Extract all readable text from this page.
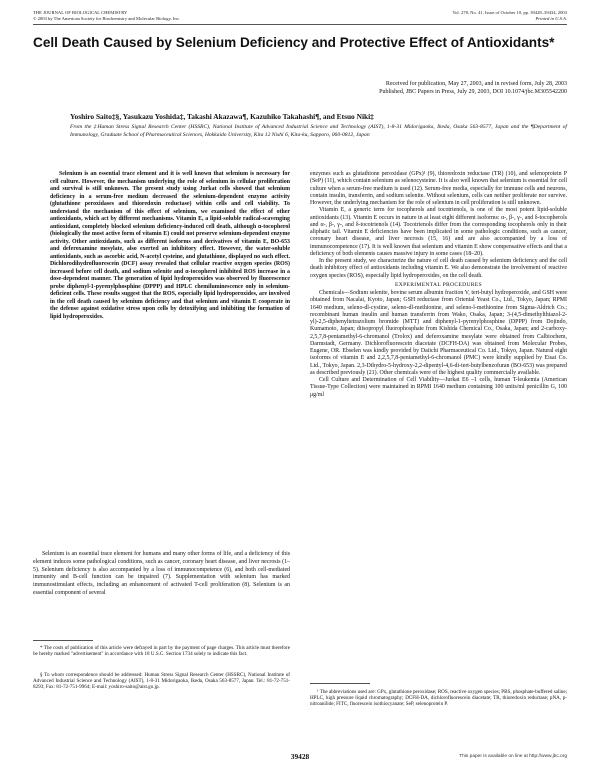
THE JOURNAL OF BIOLOGICAL CHEMISTRY
© 2003 by The American Society for Biochemistry and Molecular Biology, Inc.
Vol. 278, No. 41, Issue of October 10, pp. 39428–39434, 2003
Printed in U.S.A.
Cell Death Caused by Selenium Deficiency and Protective Effect of Antioxidants*
Received for publication, May 27, 2003, and in revised form, July 28, 2003
Published, JBC Papers in Press, July 29, 2003, DOI 10.1074/jbc.M305542200
Yoshiro Saito‡§, Yasukazu Yoshida‡, Takashi Akazawa¶, Kazuhiko Takahashi¶, and Etsuo Niki‡
From the ‡Human Stress Signal Research Center (HSSRC), National Institute of Advanced Industrial Science and Technology (AIST), 1-8-31 Midorigaoka, Ikeda, Osaka 563-8577, Japan and the ¶Department of Immunology, Graduate School of Pharmaceutical Sciences, Hokkaido University, Kita 12 Nishi 6, Kita-ku, Sapporo, 060-0812, Japan

Selenium is an essential trace element and it is well known that selenium is necessary for cell culture. However, the mechanism underlying the role of selenium in cellular proliferation and survival is still unknown. The present study using Jurkat cells showed that selenium deficiency in a serum-free medium decreased the selenium-dependent enzyme activity (glutathione peroxidases and thioredoxin reductase) within cells and cell viability. To understand the mechanism of this effect of selenium, we examined the effect of other antioxidants, which act by different mechanisms. Vitamin E, a lipid-soluble radical-scavenging antioxidant, completely blocked selenium deficiency-induced cell death, although α-tocopherol (biologically the most active form of vitamin E) could not preserve selenium-dependent enzyme activity. Other antioxidants, such as different isoforms and derivatives of vitamin E, BO-653 and deferoxamine mesylate, also exerted an inhibitory effect. However, the water-soluble antioxidants, such as ascorbic acid, N-acetyl cysteine, and glutathione, displayed no such effect. Dichlorodihydrofluorescein (DCF) assay revealed that cellular reactive oxygen species (ROS) increased before cell death, and sodium selenite and α-tocopherol inhibited ROS increase in a dose-dependent manner. The generation of lipid hydroperoxides was observed by fluorescence probe diphenyl-1-pyrenylphosphine (DPPP) and HPLC chemiluminescence only in selenium-deficient cells. These results suggest that the ROS, especially lipid hydroperoxides, are involved in the cell death caused by selenium deficiency and that selenium and vitamin E cooperate in the defense against oxidative stress upon cells by detoxifying and inhibiting the formation of lipid hydroperoxides.

Selenium is an essential trace element for humans and many other forms of life, and a deficiency of this element induces some pathological conditions, such as cancer, coronary heart disease, and liver necrosis (1–5). Selenium deficiency is also accompanied by a loss of immunocompetence (6), and both cell-mediated immunity and B-cell function can be impaired (7). Supplementation with selenium has marked immunostimulant effects, including an enhancement of activated T-cell proliferation (8). Selenium is an essential component of several

* The costs of publication of this article were defrayed in part by the payment of page charges. This article must therefore be hereby marked "advertisement" in accordance with 18 U.S.C. Section 1734 solely to indicate this fact.

§ To whom correspondence should be addressed: Human Stress Signal Research Center (HSSRC), National Institute of Advanced Industrial Science and Technology (AIST), 1-8-31 Midorigaoka, Ikeda, Osaka 563-8577, Japan. Tel.: 81-72-751-8293; Fax: 81-72-751-9964; E-mail: yoshiro-saito@aist.go.jp.

enzymes such as glutathione peroxidase (GPx)¹ (9), thioredoxin reductase (TR) (10), and selenoprotein P (SeP) (11), which contain selenium as selenocysteine. It is also well known that selenium is essential for cell culture when a serum-free medium is used (12). Serum-free media, especially for immune cells and neurons, contain insulin, transferrin, and sodium selenite. Without selenium, cells can neither proliferate nor survive. However, the underlying mechanism for the role of selenium in cell proliferation is still unknown.

Vitamin E, a generic term for tocopherols and tocotrienols, is one of the most potent lipid-soluble antioxidants (13). Vitamin E occurs in nature in at least eight different isoforms: α-, β-, γ-, and δ-tocopherols and α-, β-, γ-, and δ-tocotrienols (14). Tocotrienols differ from the corresponding tocopherols only in their aliphatic tail. Vitamin E deficiencies have been implicated in some pathologic conditions, such as cancer, coronary heart disease, and liver necrosis (15, 16) and are also accompanied by a loss of immunocompetence (17). It is well known that selenium and vitamin E show compensative effects and that a deficiency of both elements causes massive injury in some cases (18–20).

In the present study, we characterize the nature of cell death caused by selenium deficiency and the cell death inhibitory effect of antioxidants including vitamin E. We also demonstrate the involvement of reactive oxygen species (ROS), especially lipid hydroperoxides, on the cell death.

EXPERIMENTAL PROCEDURES

Chemicals—Sodium selenite, bovine serum albumin fraction V, tert-butyl hydroperoxide, and GSH were obtained from Nacalai, Kyoto, Japan; GSH reductase from Oriental Yeast Co., Ltd., Tokyo, Japan; RPMI 1640 medium, seleno-dl-cystine, seleno-dl-methionine, and seleno-l-methionine from Sigma-Aldrich Co.; recombinant human insulin and human transferrin from Wako, Osaka, Japan; 3-(4,5-dimethylthiazol-2-yl)-2,5-diphenyltetrazolium bromide (MTT) and diphenyl-1-pyrenylphosphine (DPPP) from Dojindo, Kumamoto, Japan; diisopropyl fluorophosphate from Kishida Chemical Co., Osaka, Japan; and 2-carboxy-2,5,7,8-pentamethyl-6-chromanol (Trolox) and deferoxamine mesylate were obtained from Calbiochem, Darmstadt, Germany. Dichlorofluorescein diacetate (DCFH-DA) was obtained from Molecular Probes, Eugene, OR. Ebselen was kindly provided by Daiichi Pharmaceutical Co. Ltd., Tokyo, Japan. Natural eight isoforms of vitamin E and 2,2,5,7,8-pentamethyl-6-chromanol (PMC) were kindly supplied by Eisai Co. Ltd., Tokyo, Japan. 2,3-Dihydro-5-hydroxy-2,2-dipentyl-4,6-di-tert-butylbenzofuran (BO-653) was prepared as described previously (21). Other chemicals were of the highest quality commercially available.

Cell Culture and Determination of Cell Viability—Jurkat E6 –1 cells, human T-leukemia (American Tissue-Type Collection) were maintained in RPMI 1640 medium containing 100 units/ml penicillin G, 100 μg/ml

¹ The abbreviations used are: GPx, glutathione peroxidase; ROS, reactive oxygen species; PBS, phosphate-buffered saline; HPLC, high pressure liquid chromatography; DCFH-DA, dichlorofluorescein diacetate; TR, thioredoxin reductase; pNA, p-nitroanilide; FITC, fluorescein isothiocyanate; SeP, selenoprotein P.

39428	This paper is available on line at http://www.jbc.org
